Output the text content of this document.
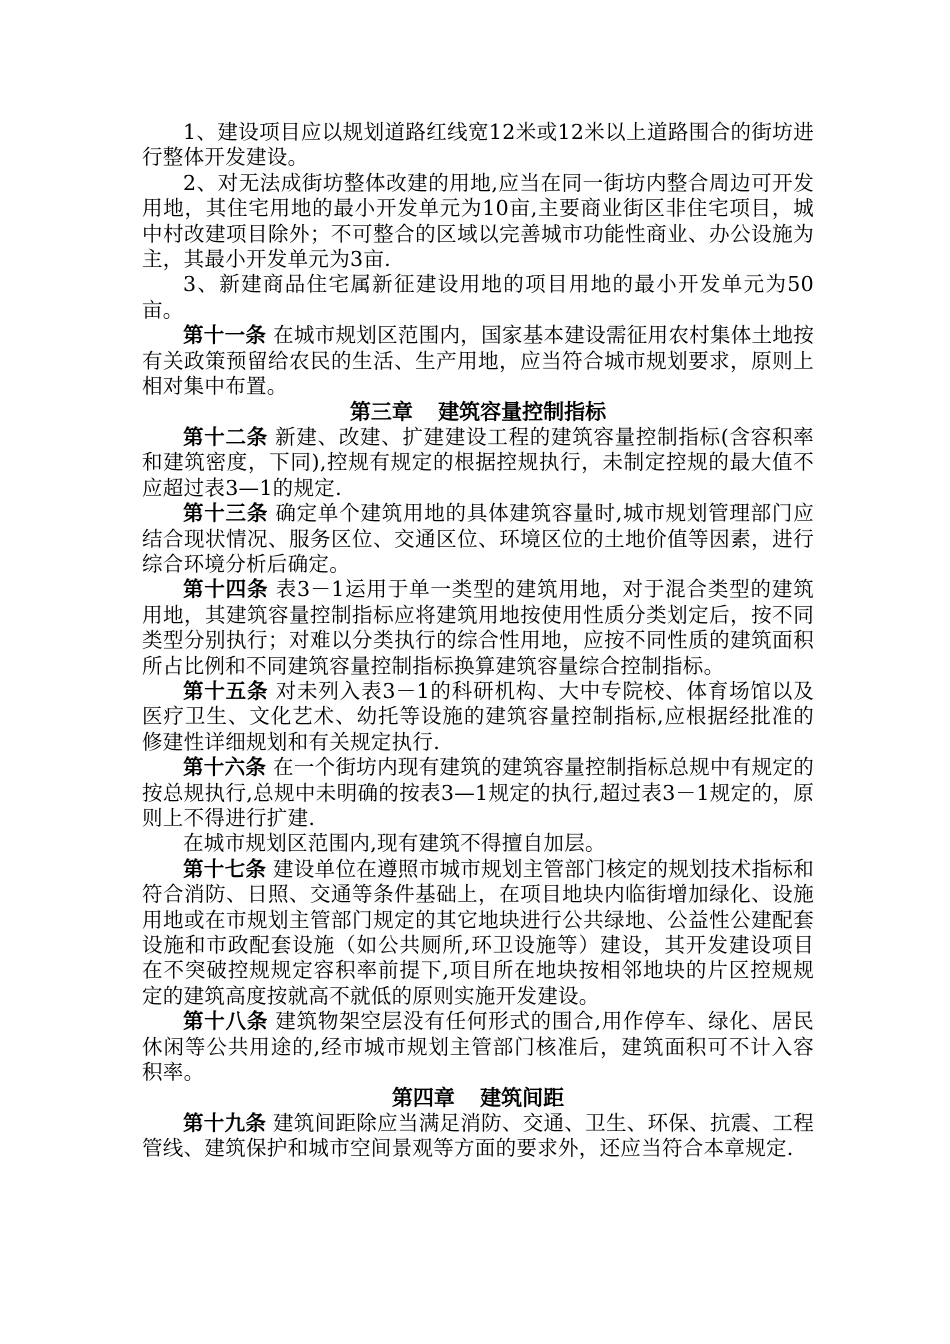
1、建设项目应以规划道路红线宽12米或12米以上道路围合的街坊进行整体开发建设。

2、对无法成街坊整体改建的用地,应当在同一街坊内整合周边可开发用地，其住宅用地的最小开发单元为10亩,主要商业街区非住宅项目，城中村改建项目除外；不可整合的区域以完善城市功能性商业、办公设施为主，其最小开发单元为3亩.

3、新建商品住宅属新征建设用地的项目用地的最小开发单元为50亩。

第十一条 在城市规划区范围内，国家基本建设需征用农村集体土地按有关政策预留给农民的生活、生产用地，应当符合城市规划要求，原则上相对集中布置。

第三章 建筑容量控制指标

第十二条 新建、改建、扩建建设工程的建筑容量控制指标(含容积率和建筑密度，下同),控规有规定的根据控规执行，未制定控规的最大值不应超过表3—1的规定.

第十三条 确定单个建筑用地的具体建筑容量时,城市规划管理部门应结合现状情况、服务区位、交通区位、环境区位的土地价值等因素，进行综合环境分析后确定。

第十四条 表3－1运用于单一类型的建筑用地，对于混合类型的建筑用地，其建筑容量控制指标应将建筑用地按使用性质分类划定后，按不同类型分别执行；对难以分类执行的综合性用地，应按不同性质的建筑面积所占比例和不同建筑容量控制指标换算建筑容量综合控制指标。

第十五条 对未列入表3－1的科研机构、大中专院校、体育场馆以及医疗卫生、文化艺术、幼托等设施的建筑容量控制指标,应根据经批准的修建性详细规划和有关规定执行.

第十六条 在一个街坊内现有建筑的建筑容量控制指标总规中有规定的按总规执行,总规中未明确的按表3—1规定的执行,超过表3－1规定的，原则上不得进行扩建.

在城市规划区范围内,现有建筑不得擅自加层。

第十七条 建设单位在遵照市城市规划主管部门核定的规划技术指标和符合消防、日照、交通等条件基础上，在项目地块内临街增加绿化、设施用地或在市规划主管部门规定的其它地块进行公共绿地、公益性公建配套设施和市政配套设施（如公共厕所,环卫设施等）建设，其开发建设项目在不突破控规规定容积率前提下,项目所在地块按相邻地块的片区控规规定的建筑高度按就高不就低的原则实施开发建设。

第十八条 建筑物架空层没有任何形式的围合,用作停车、绿化、居民休闲等公共用途的,经市城市规划主管部门核准后，建筑面积可不计入容积率。

第四章 建筑间距

第十九条 建筑间距除应当满足消防、交通、卫生、环保、抗震、工程管线、建筑保护和城市空间景观等方面的要求外，还应当符合本章规定.
